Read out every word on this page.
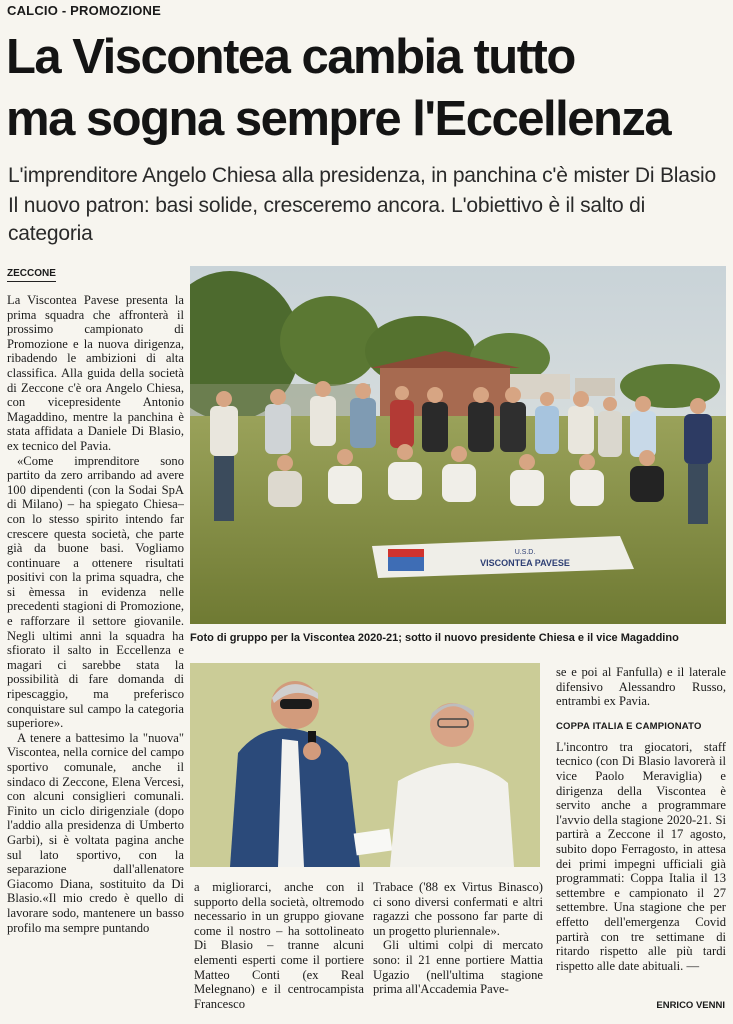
CALCIO - PROMOZIONE
La Viscontea cambia tutto
ma sogna sempre l'Eccellenza
L'imprenditore Angelo Chiesa alla presidenza, in panchina c'è mister Di Blasio
Il nuovo patron: basi solide, cresceremo ancora. L'obiettivo è il salto di categoria
ZECCONE

La Viscontea Pavese presenta la prima squadra che affronterà il prossimo campionato di Promozione e la nuova dirigenza, ribadendo le ambizioni di alta classifica. Alla guida della società di Zeccone c'è ora Angelo Chiesa, con vicepresidente Antonio Magaddino, mentre la panchina è stata affidata a Daniele Di Blasio, ex tecnico del Pavia.

«Come imprenditore sono partito da zero arribando ad avere 100 dipendenti (con la Sodai SpA di Milano) – ha spiegato Chiesa– con lo stesso spirito intendo far crescere questa società, che parte già da buone basi. Vogliamo continuare a ottenere risultati positivi con la prima squadra, che si èmessa in evidenza nelle precedenti stagioni di Promozione, e rafforzare il settore giovanile. Negli ultimi anni la squadra ha sfiorato il salto in Eccellenza e magari ci sarebbe stata la possibilità di fare domanda di ripescaggio, ma preferisco conquistare sul campo la categoria superiore».

A tenere a battesimo la "nuova" Viscontea, nella cornice del campo sportivo comunale, anche il sindaco di Zeccone, Elena Vercesi, con alcuni consiglieri comunali. Finito un ciclo dirigenziale (dopo l'addio alla presidenza di Umberto Garbi), si è voltata pagina anche sul lato sportivo, con la separazione dall'allenatore Giacomo Diana, sostituito da Di Blasio.«Il mio credo è quello di lavorare sodo, mantenere un basso profilo ma sempre puntando

U.S.D.
VISCONTEA PAVESE
Foto di gruppo per la Viscontea 2020-21; sotto il nuovo presidente Chiesa e il vice Magaddino

a migliorarci, anche con il supporto della società, oltremodo necessario in un gruppo giovane come il nostro – ha sottolineato Di Blasio – tranne alcuni elementi esperti come il portiere Matteo Conti (ex Real Melegnano) e il centrocampista Francesco

Trabace ('88 ex Virtus Binasco) ci sono diversi confermati e altri ragazzi che possono far parte di un progetto pluriennale».

Gli ultimi colpi di mercato sono: il 21 enne portiere Mattia Ugazio (nell'ultima stagione prima all'Accademia Pave-

se e poi al Fanfulla) e il laterale difensivo Alessandro Russo, entrambi ex Pavia.

COPPA ITALIA E CAMPIONATO

L'incontro tra giocatori, staff tecnico (con Di Blasio lavorerà il vice Paolo Meraviglia) e dirigenza della Viscontea è servito anche a programmare l'avvio della stagione 2020-21. Si partirà a Zeccone il 17 agosto, subito dopo Ferragosto, in attesa dei primi impegni ufficiali già programmati: Coppa Italia il 13 settembre e campionato il 27 settembre. Una stagione che per effetto dell'emergenza Covid partirà con tre settimane di ritardo rispetto alle più tardi rispetto alle date abituali. —

ENRICO VENNI
